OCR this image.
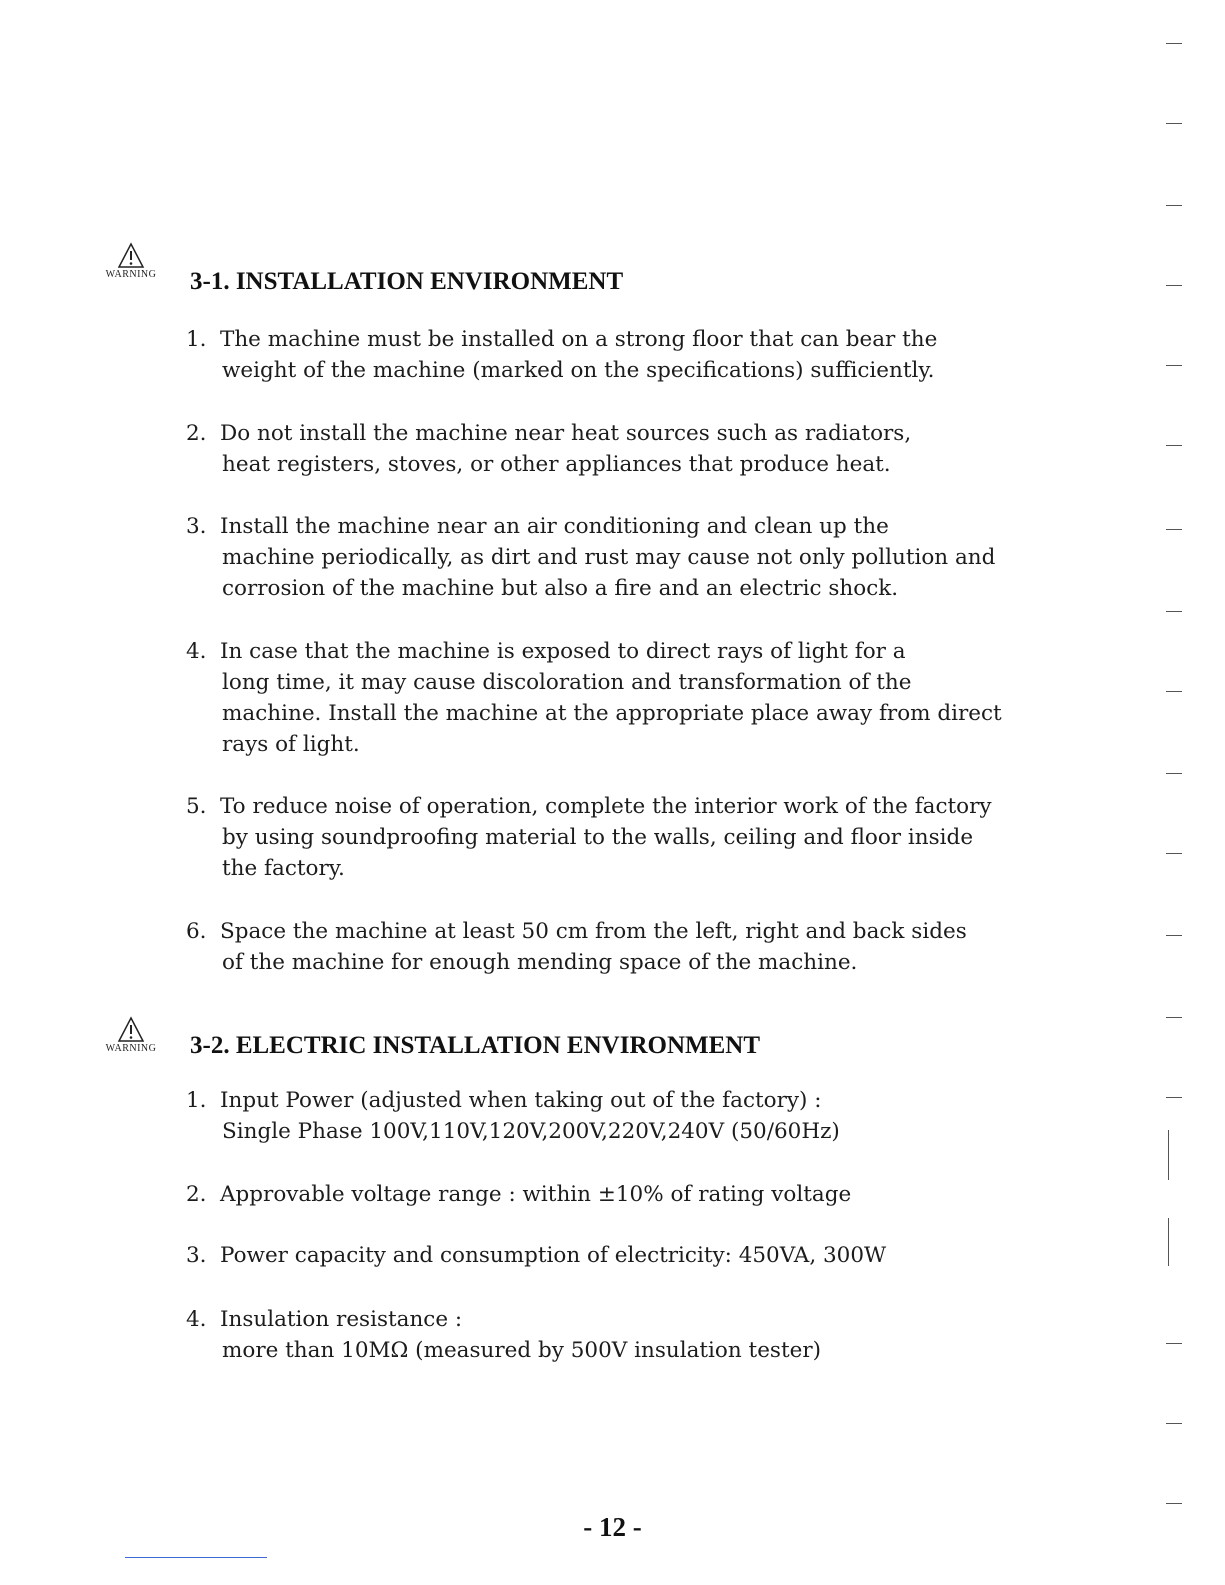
WARNING	3-1. INSTALLATION ENVIRONMENT
1. The machine must be installed on a strong floor that can bear the
weight of the machine (marked on the specifications) sufficiently.
2. Do not install the machine near heat sources such as radiators,
heat registers, stoves, or other appliances that produce heat.
3. Install the machine near an air conditioning and clean up the
machine periodically, as dirt and rust may cause not only pollution and
corrosion of the machine but also a fire and an electric shock.
4. In case that the machine is exposed to direct rays of light for a
long time, it may cause discoloration and transformation of the
machine. Install the machine at the appropriate place away from direct
rays of light.
5. To reduce noise of operation, complete the interior work of the factory
by using soundproofing material to the walls, ceiling and floor inside
the factory.
6. Space the machine at least 50 cm from the left, right and back sides
of the machine for enough mending space of the machine.
WARNING	3-2. ELECTRIC INSTALLATION ENVIRONMENT
1. Input Power (adjusted when taking out of the factory) :
Single Phase 100V,110V,120V,200V,220V,240V (50/60Hz)
2. Approvable voltage range : within ±10% of rating voltage
3. Power capacity and consumption of electricity: 450VA, 300W
4. Insulation resistance :
more than 10MΩ (measured by 500V insulation tester)
- 12 -
